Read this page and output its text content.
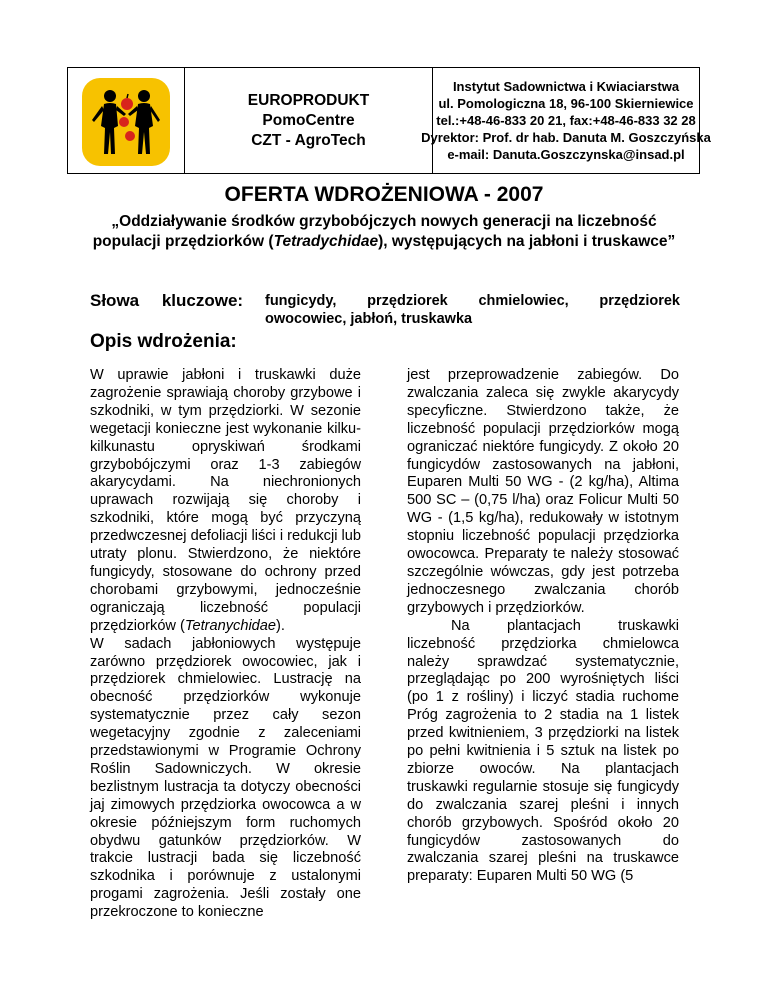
EUROPRODUKT
PomoCentre
CZT - AgroTech
Instytut Sadownictwa i Kwiaciarstwa
ul. Pomologiczna 18, 96-100 Skierniewice
tel.:+48-46-833 20 21, fax:+48-46-833 32 28
Dyrektor: Prof. dr hab. Danuta M. Goszczyńska
e-mail: Danuta.Goszczynska@insad.pl
OFERTA WDROŻENIOWA - 2007
„Oddziaływanie środków grzybobójczych nowych generacji na liczebność populacji przędziorków (Tetradychidae), występujących na jabłoni i truskawce”
Słowa kluczowe: fungicydy, przędziorek chmielowiec, przędziorek owocowiec, jabłoń, truskawka
Opis wdrożenia:

W uprawie jabłoni i truskawki duże zagrożenie sprawiają choroby grzybowe i szkodniki, w tym przędziorki. W sezonie wegetacji konieczne jest wykonanie kilku-kilkunastu opryskiwań środkami grzybobójczymi oraz 1-3 zabiegów akarycydami. Na niechronionych uprawach rozwijają się choroby i szkodniki, które mogą być przyczyną przedwczesnej defoliacji liści i redukcji lub utraty plonu. Stwierdzono, że niektóre fungicydy, stosowane do ochrony przed chorobami grzybowymi, jednocześnie ograniczają liczebność populacji przędziorków (Tetranychidae).

W sadach jabłoniowych występuje zarówno przędziorek owocowiec, jak i przędziorek chmielowiec. Lustrację na obecność przędziorków wykonuje systematycznie przez cały sezon wegetacyjny zgodnie z zaleceniami przedstawionymi w Programie Ochrony Roślin Sadowniczych. W okresie bezlistnym lustracja ta dotyczy obecności jaj zimowych przędziorka owocowca a w okresie późniejszym form ruchomych obydwu gatunków przędziorków. W trakcie lustracji bada się liczebność szkodnika i porównuje z ustalonymi progami zagrożenia. Jeśli zostały one przekroczone to konieczne

jest przeprowadzenie zabiegów. Do zwalczania zaleca się zwykle akarycydy specyficzne. Stwierdzono także, że liczebność populacji przędziorków mogą ograniczać niektóre fungicydy. Z około 20 fungicydów zastosowanych na jabłoni, Euparen Multi 50 WG - (2 kg/ha), Altima 500 SC – (0,75 l/ha) oraz Folicur Multi 50 WG - (1,5 kg/ha), redukowały w istotnym stopniu liczebność populacji przędziorka owocowca. Preparaty te należy stosować szczególnie wówczas, gdy jest potrzeba jednoczesnego zwalczania chorób grzybowych i przędziorków.

Na plantacjach truskawki liczebność przędziorka chmielowca należy sprawdzać systematycznie, przeglądając po 200 wyrośniętych liści (po 1 z rośliny) i liczyć stadia ruchome Próg zagrożenia to 2 stadia na 1 listek przed kwitnieniem, 3 przędziorki na listek po pełni kwitnienia i 5 sztuk na listek po zbiorze owoców. Na plantacjach truskawki regularnie stosuje się fungicydy do zwalczania szarej pleśni i innych chorób grzybowych. Spośród około 20 fungicydów zastosowanych do zwalczania szarej pleśni na truskawce preparaty: Euparen Multi 50 WG (5
